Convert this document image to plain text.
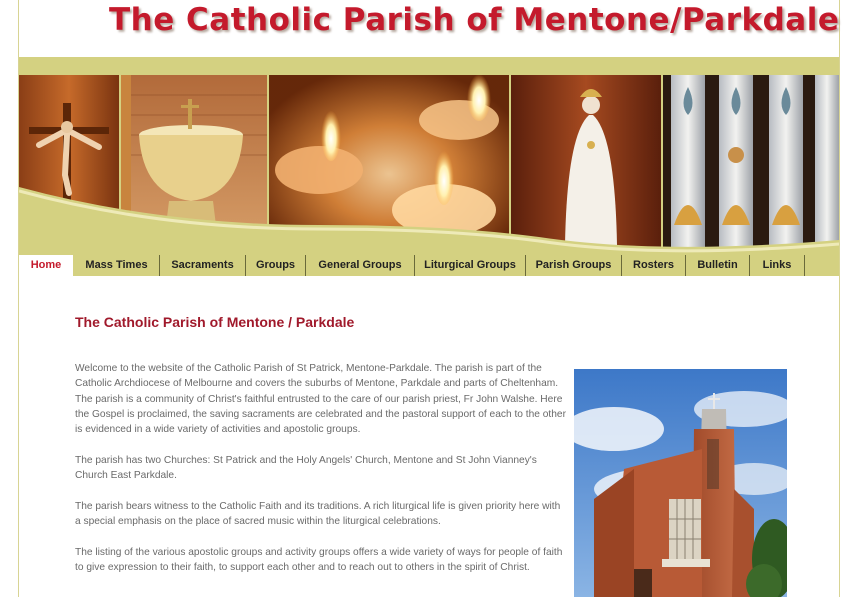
The Catholic Parish of Mentone/Parkdale
Home	Mass Times	Sacraments	Groups	General Groups	Liturgical Groups	Parish Groups	Rosters	Bulletin	Links
The Catholic Parish of Mentone / Parkdale

Welcome to the website of the Catholic Parish of St Patrick, Mentone-Parkdale. The parish is part of the Catholic Archdiocese of Melbourne and covers the suburbs of Mentone, Parkdale and parts of Cheltenham. The parish is a community of Christ's faithful entrusted to the care of our parish priest, Fr John Walshe. Here the Gospel is proclaimed, the saving sacraments are celebrated and the pastoral support of each to the other is evidenced in a wide variety of activities and apostolic groups.

The parish has two Churches: St Patrick and the Holy Angels' Church, Mentone and St John Vianney's Church East Parkdale.

The parish bears witness to the Catholic Faith and its traditions. A rich liturgical life is given priority here with a special emphasis on the place of sacred music within the liturgical celebrations.

The listing of the various apostolic groups and activity groups offers a wide variety of ways for people of faith to give expression to their faith, to support each other and to reach out to others in the spirit of Christ.
